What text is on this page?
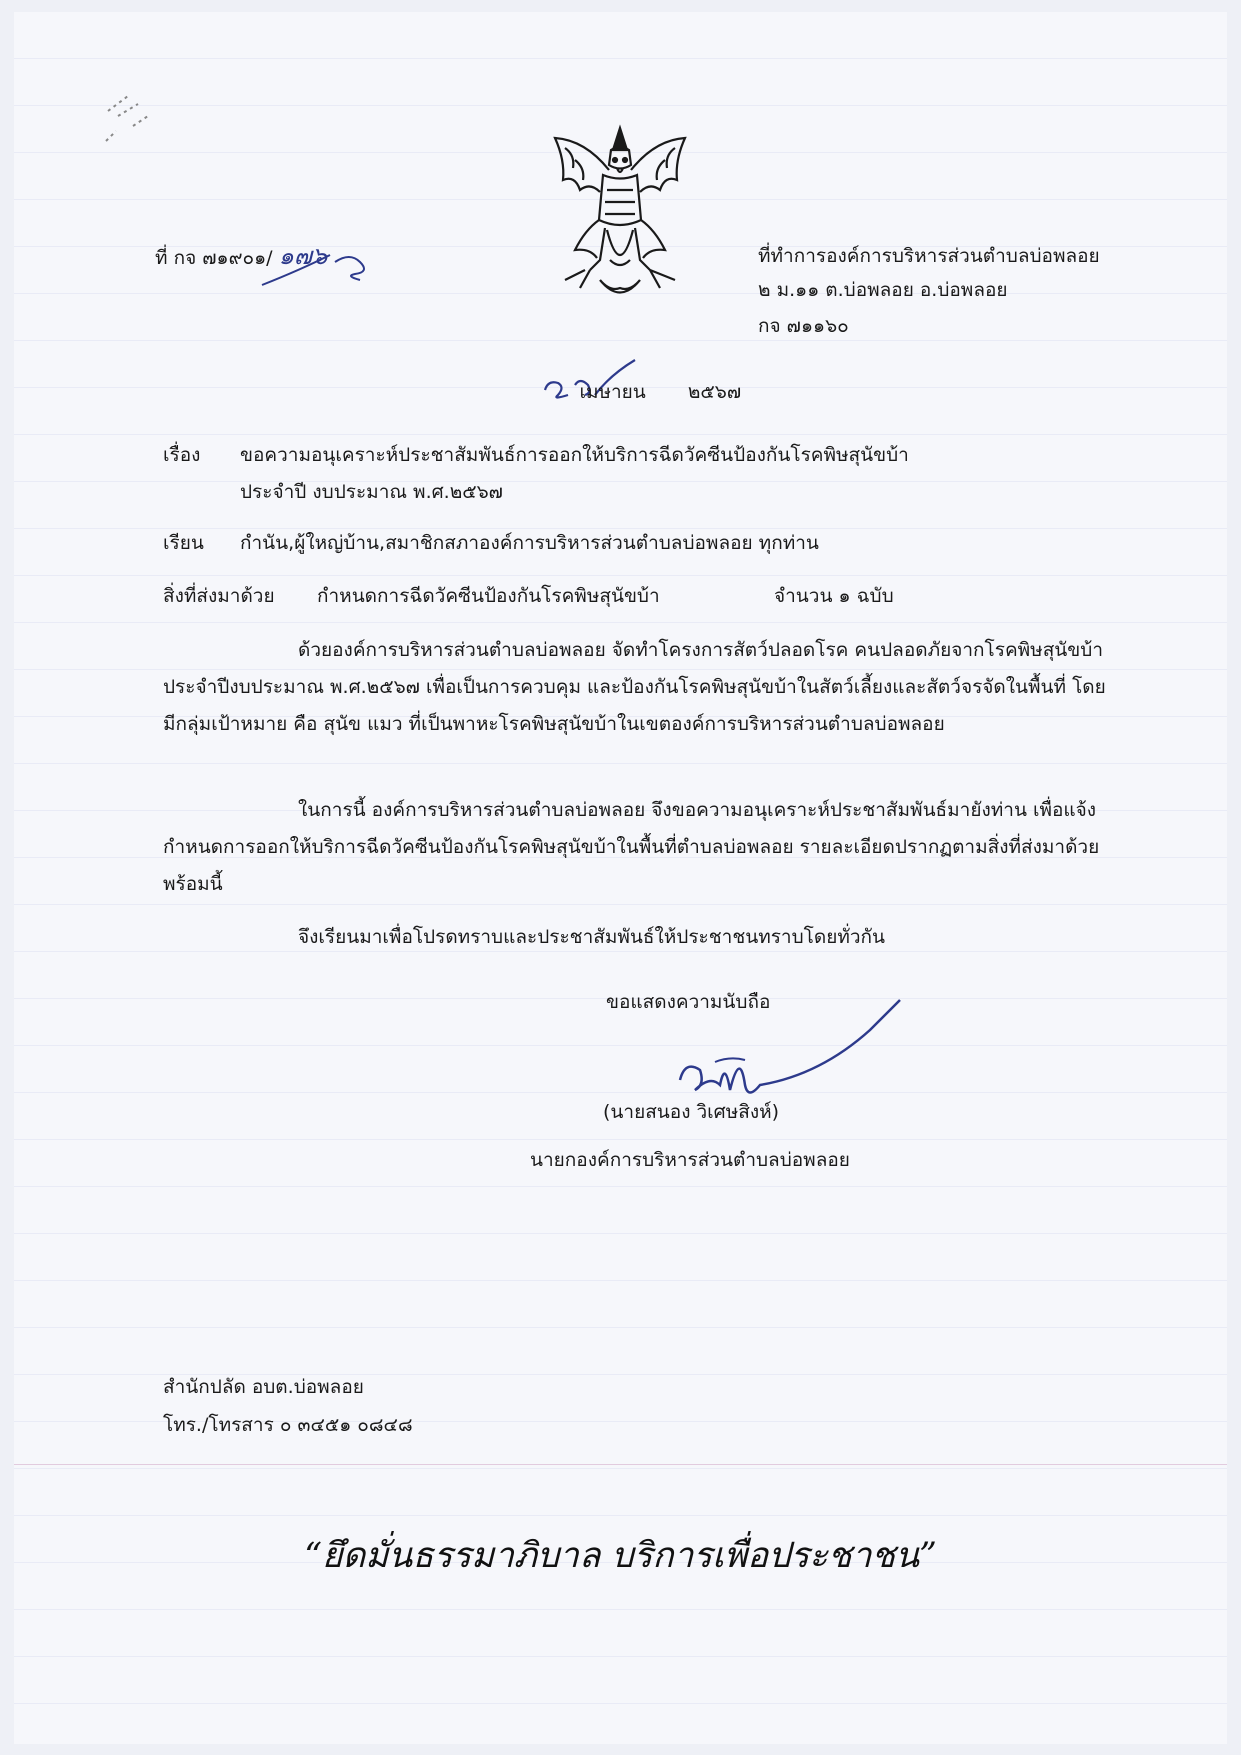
ที่ กจ ๗๑๙๐๑/ ๑๗๖	ที่ทำการองค์การบริหารส่วนตำบลบ่อพลอย
๒ ม.๑๑ ต.บ่อพลอย อ.บ่อพลอย
กจ ๗๑๑๖๐
เมษายน ๒๕๖๗
เรื่อง ขอความอนุเคราะห์ประชาสัมพันธ์การออกให้บริการฉีดวัคซีนป้องกันโรคพิษสุนัขบ้า
ประจำปี งบประมาณ พ.ศ.๒๕๖๗
เรียน กำนัน,ผู้ใหญ่บ้าน,สมาชิกสภาองค์การบริหารส่วนตำบลบ่อพลอย ทุกท่าน
สิ่งที่ส่งมาด้วย กำหนดการฉีดวัคซีนป้องกันโรคพิษสุนัขบ้า	จำนวน ๑ ฉบับ
ด้วยองค์การบริหารส่วนตำบลบ่อพลอย จัดทำโครงการสัตว์ปลอดโรค คนปลอดภัยจากโรคพิษสุนัขบ้า ประจำปีงบประมาณ พ.ศ.๒๕๖๗ เพื่อเป็นการควบคุม และป้องกันโรคพิษสุนัขบ้าในสัตว์เลี้ยงและสัตว์จรจัดในพื้นที่ โดยมีกลุ่มเป้าหมาย คือ สุนัข แมว ที่เป็นพาหะโรคพิษสุนัขบ้าในเขตองค์การบริหารส่วนตำบลบ่อพลอย
ในการนี้ องค์การบริหารส่วนตำบลบ่อพลอย จึงขอความอนุเคราะห์ประชาสัมพันธ์มายังท่าน เพื่อแจ้งกำหนดการออกให้บริการฉีดวัคซีนป้องกันโรคพิษสุนัขบ้าในพื้นที่ตำบลบ่อพลอย รายละเอียดปรากฏตามสิ่งที่ส่งมาด้วยพร้อมนี้
จึงเรียนมาเพื่อโปรดทราบและประชาสัมพันธ์ให้ประชาชนทราบโดยทั่วกัน
ขอแสดงความนับถือ
(นายสนอง วิเศษสิงห์)
นายกองค์การบริหารส่วนตำบลบ่อพลอย
สำนักปลัด อบต.บ่อพลอย
โทร./โทรสาร ๐ ๓๔๕๑ ๐๘๔๘
“ยึดมั่นธรรมาภิบาล บริการเพื่อประชาชน”
